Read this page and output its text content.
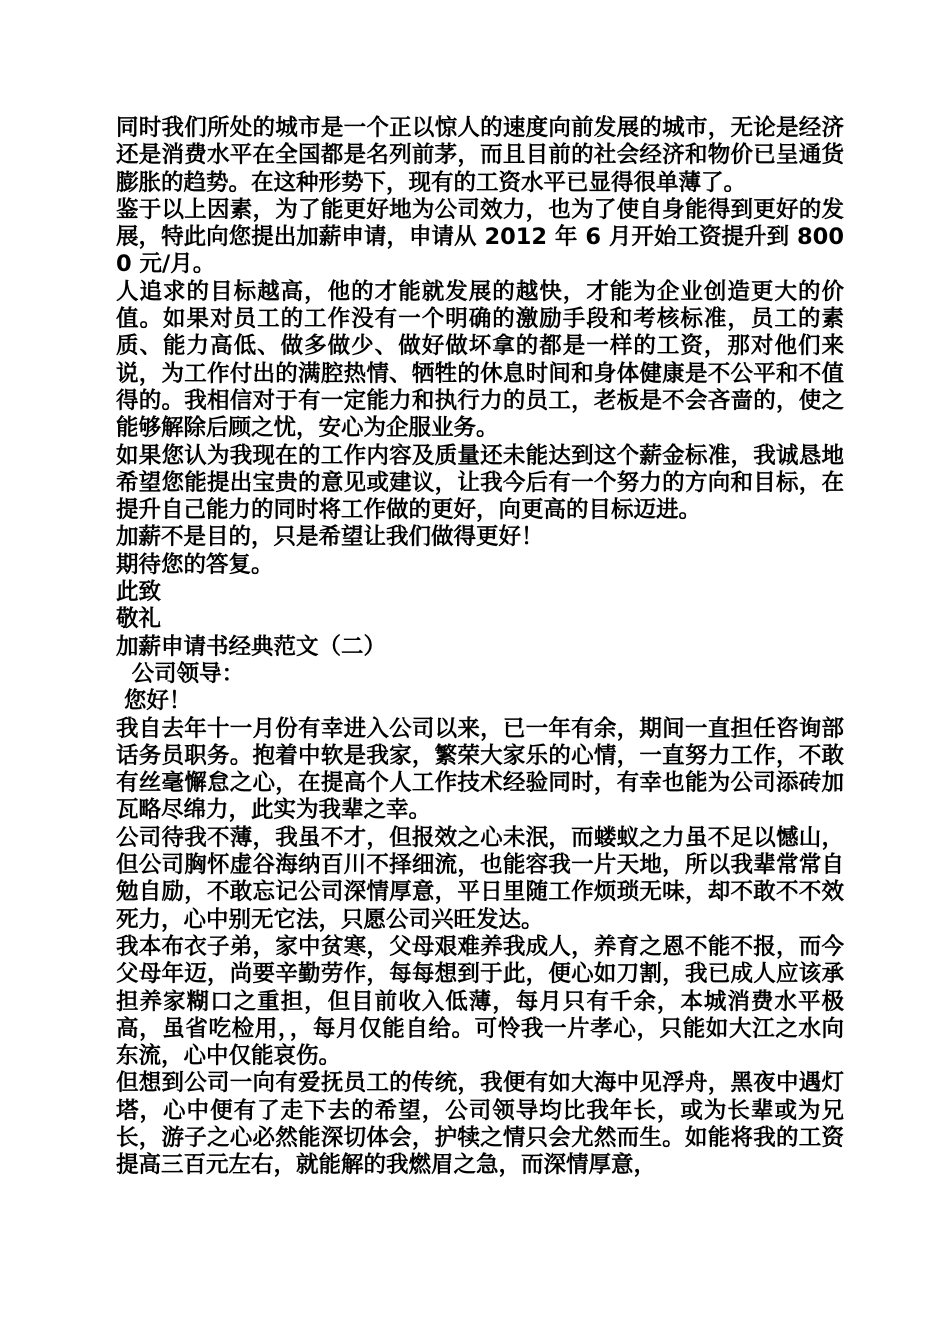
同时我们所处的城市是一个正以惊人的速度向前发展的城市，无论是经济还是消费水平在全国都是名列前茅，而且目前的社会经济和物价已呈通货膨胀的趋势。在这种形势下，现有的工资水平已显得很单薄了。

鉴于以上因素，为了能更好地为公司效力，也为了使自身能得到更好的发展，特此向您提出加薪申请，申请从 2012 年 6 月开始工资提升到 8000 元/月。

人追求的目标越高，他的才能就发展的越快，才能为企业创造更大的价值。如果对员工的工作没有一个明确的激励手段和考核标准，员工的素质、能力高低、做多做少、做好做坏拿的都是一样的工资，那对他们来说，为工作付出的满腔热情、牺牲的休息时间和身体健康是不公平和不值得的。我相信对于有一定能力和执行力的员工，老板是不会吝啬的，使之能够解除后顾之忧，安心为企服业务。

如果您认为我现在的工作内容及质量还未能达到这个薪金标准，我诚恳地希望您能提出宝贵的意见或建议，让我今后有一个努力的方向和目标，在提升自己能力的同时将工作做的更好，向更高的目标迈进。

加薪不是目的，只是希望让我们做得更好！

期待您的答复。

此致

敬礼

加薪申请书经典范文（二）

公司领导：

您好！

我自去年十一月份有幸进入公司以来，已一年有余，期间一直担任咨询部话务员职务。抱着中软是我家，繁荣大家乐的心情，一直努力工作，不敢有丝毫懈怠之心，在提高个人工作技术经验同时，有幸也能为公司添砖加瓦略尽绵力，此实为我辈之幸。

公司待我不薄，我虽不才，但报效之心未泯，而蝼蚁之力虽不足以憾山，但公司胸怀虚谷海纳百川不择细流，也能容我一片天地，所以我辈常常自勉自励，不敢忘记公司深情厚意，平日里随工作烦琐无味，却不敢不不效死力，心中别无它法，只愿公司兴旺发达。

我本布衣子弟，家中贫寒，父母艰难养我成人，养育之恩不能不报，而今父母年迈，尚要辛勤劳作，每每想到于此，便心如刀割，我已成人应该承担养家糊口之重担，但目前收入低薄，每月只有千余，本城消费水平极高，虽省吃检用，，每月仅能自给。可怜我一片孝心，只能如大江之水向东流，心中仅能哀伤。

但想到公司一向有爱抚员工的传统，我便有如大海中见浮舟，黑夜中遇灯塔，心中便有了走下去的希望，公司领导均比我年长，或为长辈或为兄长，游子之心必然能深切体会，护犊之情只会尤然而生。如能将我的工资提高三百元左右，就能解的我燃眉之急，而深情厚意，
